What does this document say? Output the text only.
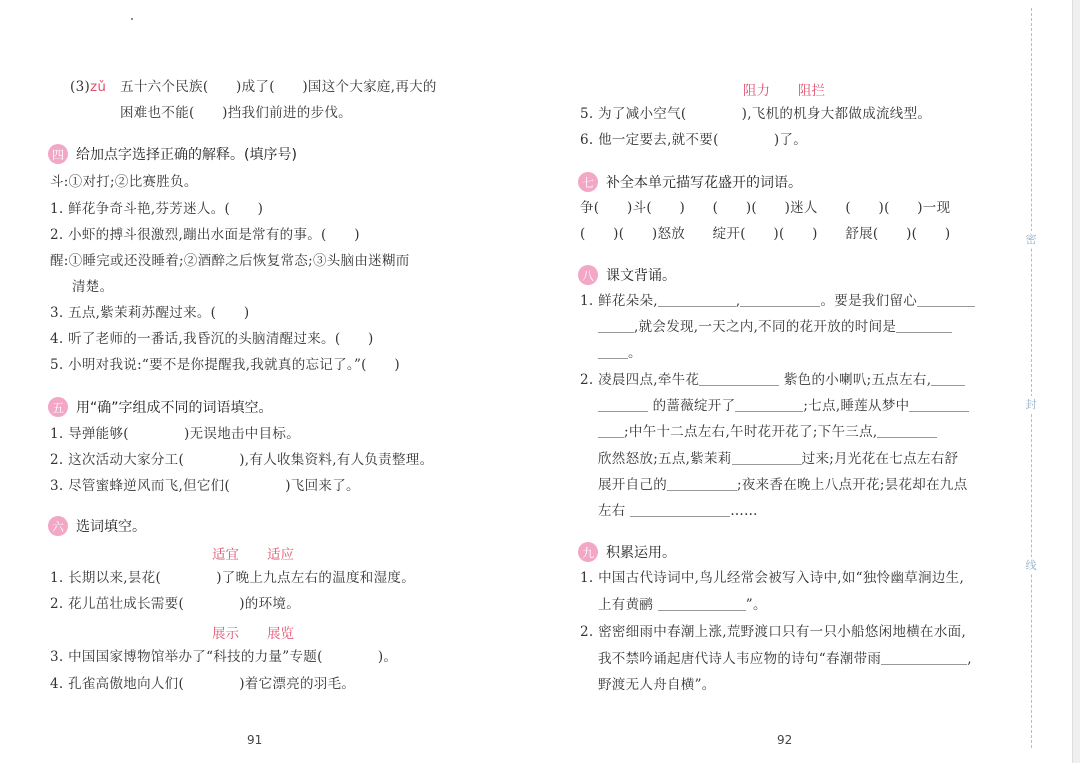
(3)zǔ 五十六个民族(　　)成了(　　)国这个大家庭,再大的
困难也不能(　　)挡我们前进的步伐。
四 给加点字选择正确的解释。(填序号)
斗:①对打;②比赛胜负。
1. 鲜花争奇斗艳,芬芳迷人。(　　)
2. 小虾的搏斗很激烈,蹦出水面是常有的事。(　　)
醒:①睡完或还没睡着;②酒醉之后恢复常态;③头脑由迷糊而
清楚。
3. 五点,紫茉莉苏醒过来。(　　)
4. 听了老师的一番话,我昏沉的头脑清醒过来。(　　)
5. 小明对我说:“要不是你提醒我,我就真的忘记了。”(　　)
五 用“确”字组成不同的词语填空。
1. 导弹能够(　　　　)无误地击中目标。
2. 这次活动大家分工(　　　　),有人收集资料,有人负责整理。
3. 尽管蜜蜂逆风而飞,但它们(　　　　)飞回来了。
六 选词填空。
适宜 适应
1. 长期以来,昙花(　　　　)了晚上九点左右的温度和湿度。
2. 花儿茁壮成长需要(　　　　)的环境。
展示 展览
3. 中国国家博物馆举办了“科技的力量”专题(　　　　)。
4. 孔雀高傲地向人们(　　　　)着它漂亮的羽毛。
91
阻力 阻拦
5. 为了减小空气(　　　　),飞机的机身大都做成流线型。
6. 他一定要去,就不要(　　　　)了。
七 补全本单元描写花盛开的词语。
争(　　)斗(　　)　　(　　)(　　)迷人　　(　　)(　　)一现
(　　)(　　)怒放　　绽开(　　)(　　)　　舒展(　　)(　　)
八 课文背诵。
1. 鲜花朵朵,	,	。要是我们留心
,就会发现,一天之内,不同的花开放的时间是
。
2. 凌晨四点,牵牛花	紫色的小喇叭;五点左右,
的蔷薇绽开了	;七点,睡莲从梦中
;中午十二点左右,午时花开花了;下午三点,
欣然怒放;五点,紫茉莉	过来;月光花在七点左右舒
展开自己的	;夜来香在晚上八点开花;昙花却在九点
左右	……
九 积累运用。
1. 中国古代诗词中,鸟儿经常会被写入诗中,如“独怜幽草涧边生,
上有黄鹂	”。
2. 密密细雨中春潮上涨,荒野渡口只有一只小船悠闲地横在水面,
我不禁吟诵起唐代诗人韦应物的诗句“春潮带雨	,
野渡无人舟自横”。
92
密
封
线
